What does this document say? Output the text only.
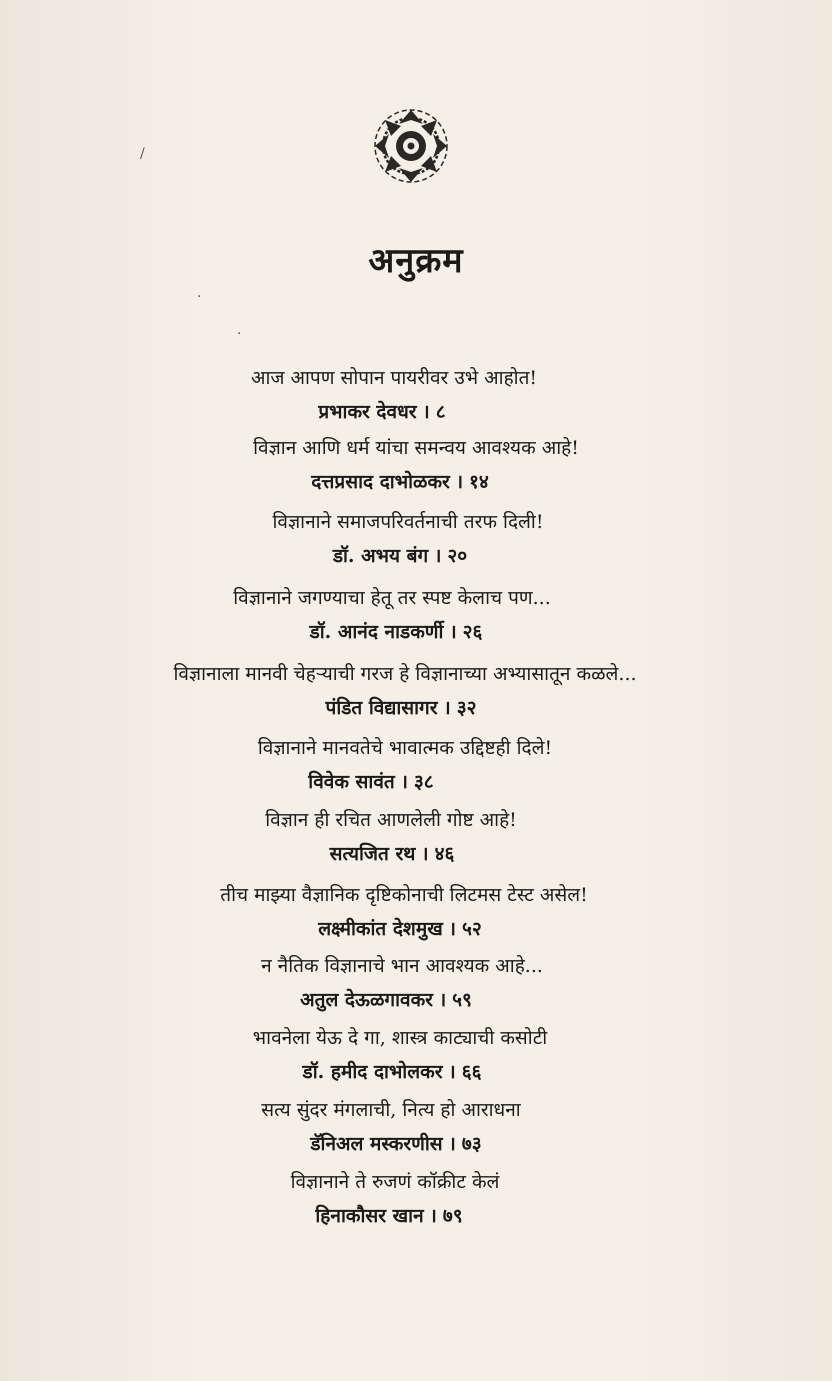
अनुक्रम
आज आपण सोपान पायरीवर उभे आहोत!
प्रभाकर देवधर । ८
विज्ञान आणि धर्म यांचा समन्वय आवश्यक आहे!
दत्तप्रसाद दाभोळकर । १४
विज्ञानाने समाजपरिवर्तनाची तरफ दिली!
डॉ. अभय बंग । २०
विज्ञानाने जगण्याचा हेतू तर स्पष्ट केलाच पण...
डॉ. आनंद नाडकर्णी । २६
विज्ञानाला मानवी चेहऱ्याची गरज हे विज्ञानाच्या अभ्यासातून कळले...
पंडित विद्यासागर । ३२
विज्ञानाने मानवतेचे भावात्मक उद्दिष्टही दिले!
विवेक सावंत । ३८
विज्ञान ही रचित आणलेली गोष्ट आहे!
सत्यजित रथ । ४६
तीच माझ्या वैज्ञानिक दृष्टिकोनाची लिटमस टेस्ट असेल!
लक्ष्मीकांत देशमुख । ५२
न नैतिक विज्ञानाचे भान आवश्यक आहे...
अतुल देऊळगावकर । ५९
भावनेला येऊ दे गा, शास्त्र काट्याची कसोटी
डॉ. हमीद दाभोलकर । ६६
सत्य सुंदर मंगलाची, नित्य हो आराधना
डॅनिअल मस्करणीस । ७३
विज्ञानाने ते रुजणं कॉक्रीट केलं
हिनाकौसर खान । ७९
/
.
.
